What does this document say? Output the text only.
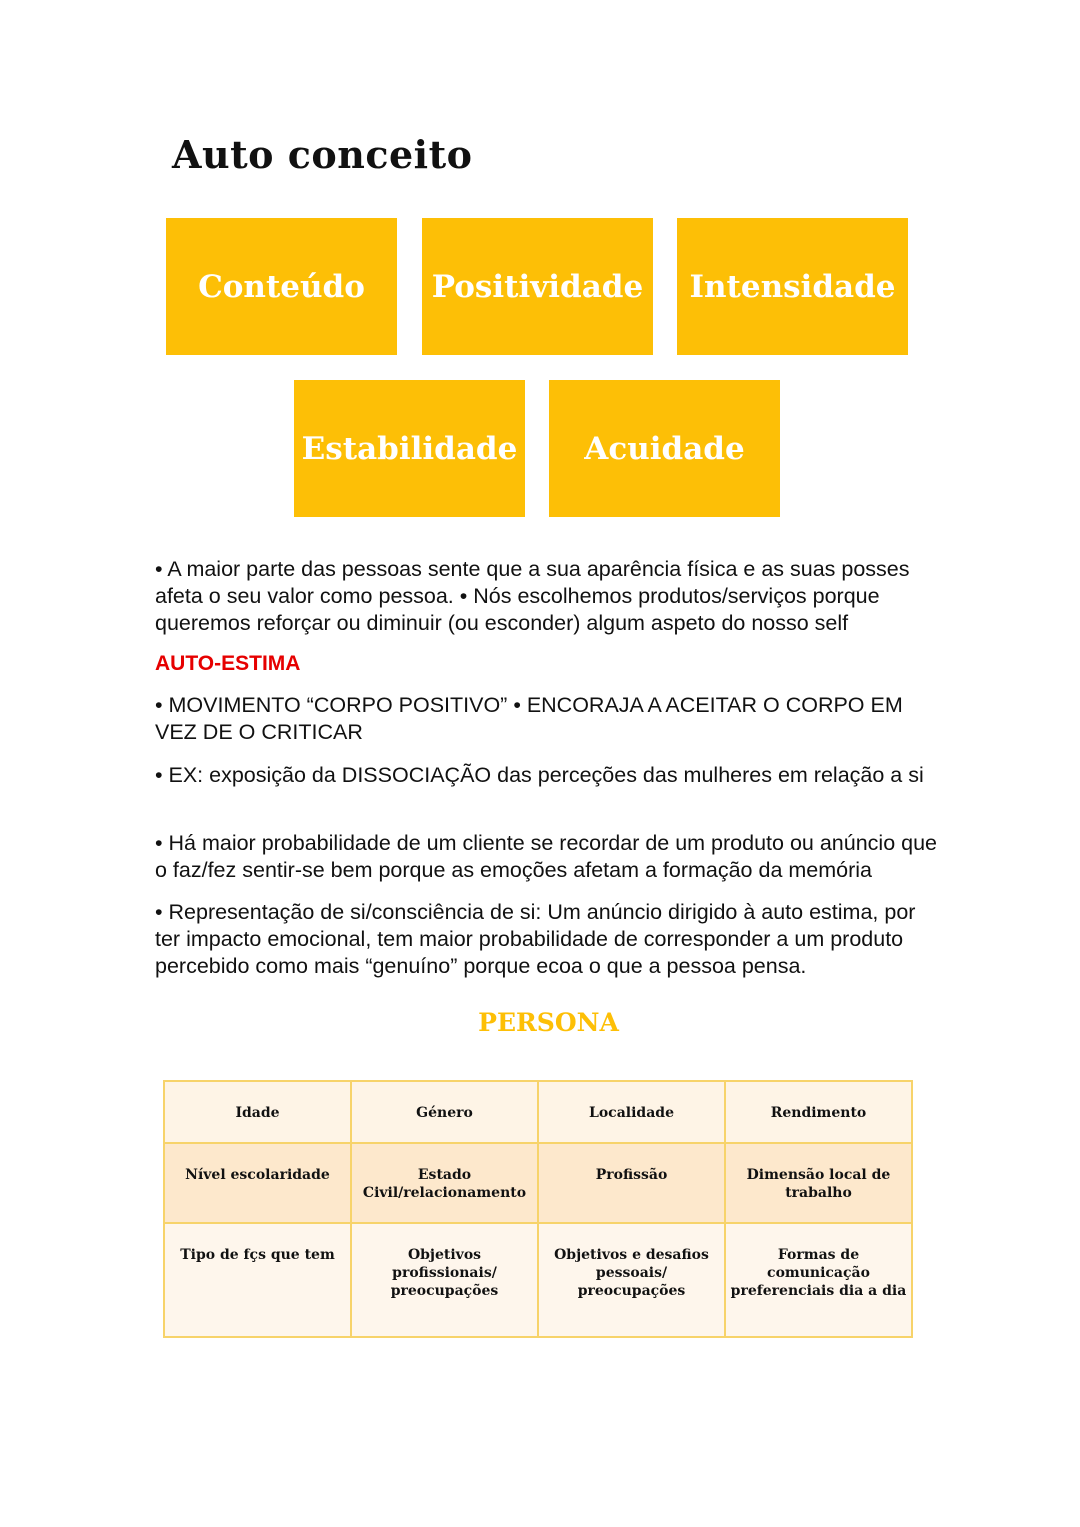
Auto conceito
Conteúdo	Positividade	Intensidade
Estabilidade	Acuidade

• A maior parte das pessoas sente que a sua aparência física e as suas posses afeta o seu valor como pessoa. • Nós escolhemos produtos/serviços porque queremos reforçar ou diminuir (ou esconder) algum aspeto do nosso self

AUTO-ESTIMA

• MOVIMENTO “CORPO POSITIVO” • ENCORAJA A ACEITAR O CORPO EM VEZ DE O CRITICAR

• EX: exposição da DISSOCIAÇÃO das perceções das mulheres em relação a si

• Há maior probabilidade de um cliente se recordar de um produto ou anúncio que o faz/fez sentir-se bem porque as emoções afetam a formação da memória

• Representação de si/consciência de si: Um anúncio dirigido à auto estima, por ter impacto emocional, tem maior probabilidade de corresponder a um produto percebido como mais “genuíno” porque ecoa o que a pessoa pensa.

PERSONA
Idade	Género	Localidade	Rendimento
Nível escolaridade	Estado Civil/relacionamento	Profissão	Dimensão local de trabalho
Tipo de fçs que tem	Objetivos profissionais/ preocupações	Objetivos e desafios pessoais/ preocupações	Formas de comunicação preferenciais dia a dia
